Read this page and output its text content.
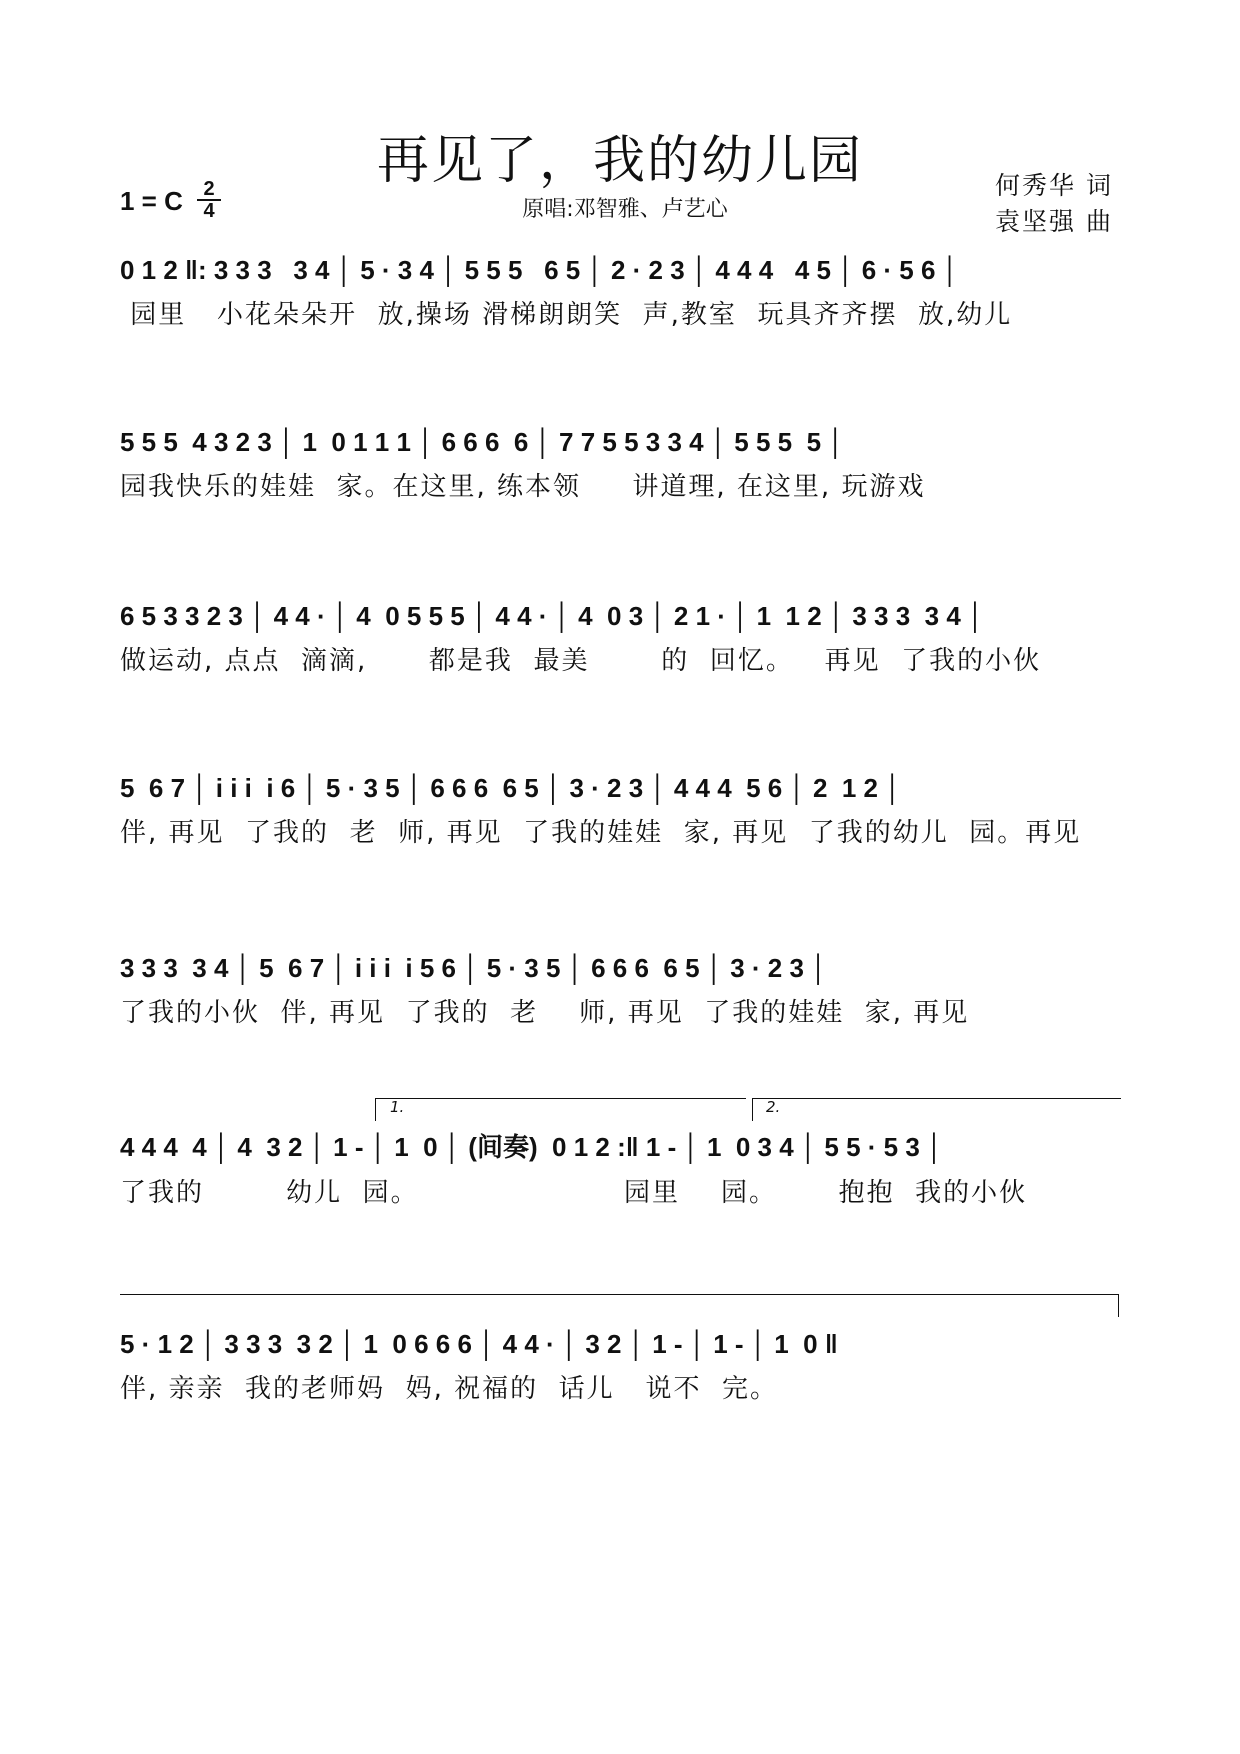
再见了，我的幼儿园
1 = C	2
4	原唱:邓智雅、卢艺心
何秀华 词
袁坚强 曲
0 1 2 ‖: 3 3 3   3 4 │ 5 · 3 4 │ 5 5 5   6 5 │ 2 · 2 3 │ 4 4 4   4 5 │ 6 · 5 6 │
园里   小花朵朵开  放,操场 滑梯朗朗笑  声,教室  玩具齐齐摆  放,幼儿
5 5 5  4 3 2 3 │ 1  0 1 1 1 │ 6 6 6  6 │ 7 7 5 5 3 3 4 │ 5 5 5  5 │
园我快乐的娃娃  家。在这里, 练本领     讲道理, 在这里, 玩游戏
6 5 3 3 2 3 │ 4 4 · │ 4  0 5 5 5 │ 4 4 · │ 4  0 3 │ 2 1 · │ 1  1 2 │ 3 3 3  3 4 │
做运动, 点点  滴滴,      都是我  最美       的  回忆。   再见  了我的小伙
5  6 7 │ i i i  i 6 │ 5 · 3 5 │ 6 6 6  6 5 │ 3 · 2 3 │ 4 4 4  5 6 │ 2  1 2 │
伴, 再见  了我的  老  师, 再见  了我的娃娃  家, 再见  了我的幼儿  园。再见
3 3 3  3 4 │ 5  6 7 │ i i i  i 5 6 │ 5 · 3 5 │ 6 6 6  6 5 │ 3 · 2 3 │
了我的小伙  伴, 再见  了我的  老    师, 再见  了我的娃娃  家, 再见
1.	2.
4 4 4  4 │ 4  3 2 │ 1 - │ 1  0 │ (间奏)  0 1 2 :‖ 1 - │ 1  0 3 4 │ 5 5 · 5 3 │
了我的        幼儿  园。                    园里    园。      抱抱  我的小伙
5 · 1 2 │ 3 3 3  3 2 │ 1  0 6 6 6 │ 4 4 · │ 3 2 │ 1 - │ 1 - │ 1  0 ‖
伴, 亲亲  我的老师妈  妈, 祝福的  话儿   说不  完。
